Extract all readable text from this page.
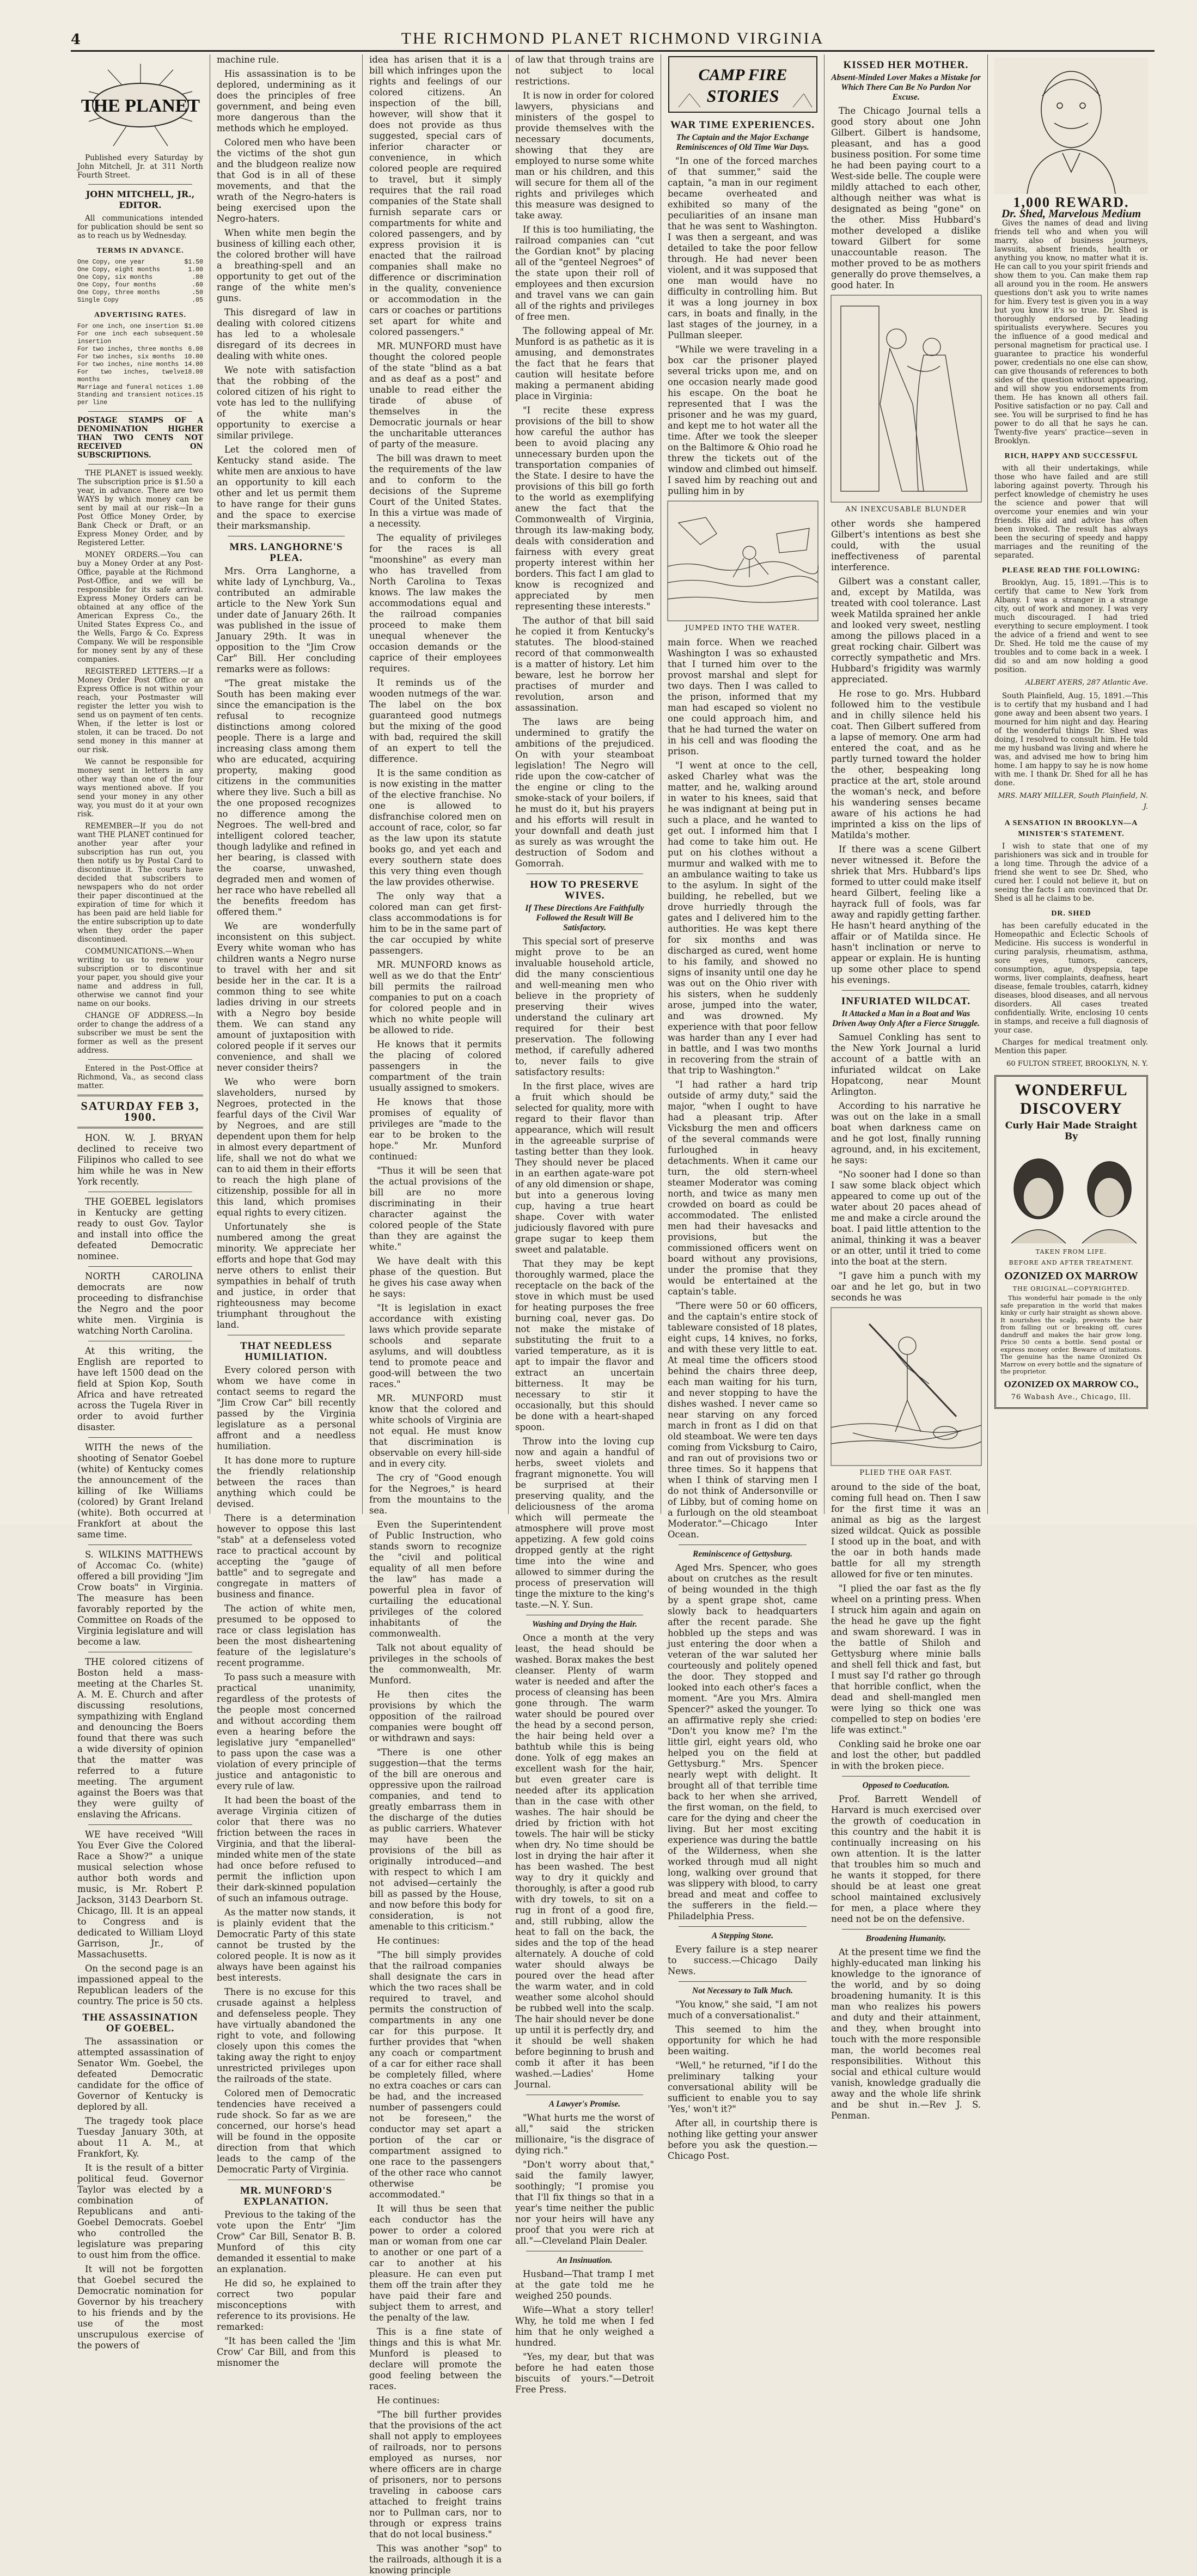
4	THE RICHMOND PLANET RICHMOND VIRGINIA
THE PLANET

Published every Saturday by John Mitchell, Jr. at 311 North Fourth Street.

JOHN MITCHELL, JR., EDITOR.

All communications intended for publication should be sent so as to reach us by Wednesday.

TERMS IN ADVANCE.
One Copy, one year	$1.50
One Copy, eight months	1.00
One Copy, six months	.80
One Copy, four months	.60
One Copy, three months	.50
Single Copy	.05
ADVERTISING RATES.
For one inch, one insertion $1.00
For one inch each subsequent insertion
.50
For two inches, three months 6.00
For two inches, six months 10.00
For two inches, nine months 14.00
For two inches, twelve months
18.00
Marriage and funeral notices 1.00
Standing and transient notices per line
.15

POSTAGE STAMPS OF A DENOMINATION HIGHER THAN TWO CENTS NOT RECEIVED ON SUBSCRIPTIONS.

THE PLANET is issued weekly. The subscription price is $1.50 a year, in advance. There are two WAYS by which money can be sent by mail at our risk—In a Post Office Money Order, by Bank Check or Draft, or an Express Money Order, and by Registered Letter.

MONEY ORDERS.—You can buy a Money Order at any Post-Office, payable at the Richmond Post-Office, and we will be responsible for its safe arrival. Express Money Orders can be obtained at any office of the American Express Co., the United States Express Co., and the Wells, Fargo & Co. Express Company. We will be responsible for money sent by any of these companies.

REGISTERED LETTERS.—If a Money Order Post Office or an Express Office is not within your reach, your Postmaster will register the letter you wish to send us on payment of ten cents. When, if the letter is lost or stolen, it can be traced. Do not send money in this manner at our risk.

We cannot be responsible for money sent in letters in any other way than one of the four ways mentioned above. If you send your money in any other way, you must do it at your own risk.

REMEMBER—If you do not want THE PLANET continued for another year after your subscription has run out, you then notify us by Postal Card to discontinue it. The courts have decided that subscribers to newspapers who do not order their paper discontinued at the expiration of time for which it has been paid are held liable for the entire subscription up to date when they order the paper discontinued.

COMMUNICATIONS.—When writing to us to renew your subscription or to discontinue your paper, you should give your name and address in full, otherwise we cannot find your name on our books.

CHANGE OF ADDRESS.—In order to change the address of a subscriber we must be sent the former as well as the present address.

Entered in the Post-Office at Richmond, Va., as second class matter.

SATURDAY FEB 3, 1900.

HON. W. J. BRYAN declined to receive two Filipinos who called to see him while he was in New York recently.

THE GOEBEL legislators in Kentucky are getting ready to oust Gov. Taylor and install into office the defeated Democratic nominee.

NORTH CAROLINA democrats are now proceeding to disfranchise the Negro and the poor white men. Virginia is watching North Carolina.

At this writing, the English are reported to have left 1500 dead on the field at Spion Kop, South Africa and have retreated across the Tugela River in order to avoid further disaster.

WITH the news of the shooting of Senator Goebel (white) of Kentucky comes the announcement of the killing of Ike Williams (colored) by Grant Ireland (white). Both occurred at Frankfort at about the same time.

S. WILKINS MATTHEWS of Accomac Co. (white) offered a bill providing "Jim Crow boats" in Virginia. The measure has been favorably reported by the Committee on Roads of the Virginia legislature and will become a law.

THE colored citizens of Boston held a mass-meeting at the Charles St. A. M. E. Church and after discussing resolutions, sympathizing with England and denouncing the Boers found that there was such a wide diversity of opinion that the matter was referred to a future meeting. The argument against the Boers was that they were guilty of enslaving the Africans.

WE have received "Will You Ever Give the Colored Race a Show?" a unique musical selection whose author both words and music, is Mr. Robert P. Jackson, 3143 Dearborn St. Chicago, Ill. It is an appeal to Congress and is dedicated to William Lloyd Garrison, Jr., of Massachusetts.

On the second page is an impassioned appeal to the Republican leaders of the country. The price is 50 cts.

THE ASSASSINATION OF GOEBEL.

The assassination or attempted assassination of Senator Wm. Goebel, the defeated Democratic candidate for the office of Governor of Kentucky is deplored by all.

The tragedy took place Tuesday January 30th, at about 11 A. M., at Frankfort, Ky.

It is the result of a bitter political feud. Governor Taylor was elected by a combination of Republicans and anti-Goebel Democrats. Goebel who controlled the legislature was preparing to oust him from the office.

It will not be forgotten that Goebel secured the Democratic nomination for Governor by his treachery to his friends and by the use of the most unscrupulous exercise of the powers of

machine rule.

His assassination is to be deplored, undermining as it does the principles of free government, and being even more dangerous than the methods which he employed.

Colored men who have been the victims of the shot gun and the bludgeon realize now that God is in all of these movements, and that the wrath of the Negro-haters is being exercised upon the Negro-haters.

When white men begin the business of killing each other, the colored brother will have a breathing-spell and an opportunity to get out of the range of the white men's guns.

This disregard of law in dealing with colored citizens has led to a wholesale disregard of its decrees in dealing with white ones.

We note with satisfaction that the robbing of the colored citizen of his right to vote has led to the nullifying of the white man's opportunity to exercise a similar privilege.

Let the colored men of Kentucky stand aside. The white men are anxious to have an opportunity to kill each other and let us permit them to have range for their guns and the space to exercise their marksmanship.

MRS. LANGHORNE'S PLEA.

Mrs. Orra Langhorne, a white lady of Lynchburg, Va., contributed an admirable article to the New York Sun under date of January 26th. It was published in the issue of January 29th. It was in opposition to the "Jim Crow Car" Bill. Her concluding remarks were as follows:

"The great mistake the South has been making ever since the emancipation is the refusal to recognize distinctions among colored people. There is a large and increasing class among them who are educated, acquiring property, making good citizens in the communities where they live. Such a bill as the one proposed recognizes no difference among the Negroes. The well-bred and intelligent colored teacher, though ladylike and refined in her bearing, is classed with the coarse, unwashed, degraded men and women of her race who have rebelled all the benefits freedom has offered them."

We are wonderfully inconsistent on this subject. Every white woman who has children wants a Negro nurse to travel with her and sit beside her in the car. It is a common thing to see white ladies driving in our streets with a Negro boy beside them. We can stand any amount of juxtaposition with colored people if it serves our convenience, and shall we never consider theirs?

We who were born slaveholders, nursed by Negroes, protected in the fearful days of the Civil War by Negroes, and are still dependent upon them for help in almost every department of life, shall we not do what we can to aid them in their efforts to reach the high plane of citizenship, possible for all in this land, which promises equal rights to every citizen.

Unfortunately she is numbered among the great minority. We appreciate her efforts and hope that God may nerve others to enlist their sympathies in behalf of truth and justice, in order that righteousness may become triumphant throughout the land.

THAT NEEDLESS HUMILIATION.

Every colored person with whom we have come in contact seems to regard the "Jim Crow Car" bill recently passed by the Virginia legislature as a personal affront and a needless humiliation.

It has done more to rupture the friendly relationship between the races than anything which could be devised.

There is a determination however to oppose this last "stab" at a defenseless voted race to practical account by accepting the "gauge of battle" and to segregate and congregate in matters of business and finance.

The action of white men, presumed to be opposed to race or class legislation has been the most disheartening feature of the legislature's recent programme.

To pass such a measure with practical unanimity, regardless of the protests of the people most concerned and without according them even a hearing before the legislative jury "empanelled" to pass upon the case was a violation of every principle of justice and antagonistic to every rule of law.

It had been the boast of the average Virginia citizen of color that there was no friction between the races in Virginia, and that the liberal-minded white men of the state had once before refused to permit the infliction upon their dark-skinned population of such an infamous outrage.

As the matter now stands, it is plainly evident that the Democratic Party of this state cannot be trusted by the colored people. It is now as it always have been against his best interests.

There is no excuse for this crusade against a helpless and defenseless people. They have virtually abandoned the right to vote, and following closely upon this comes the taking away the right to enjoy unrestricted privileges upon the railroads of the state.

Colored men of Democratic tendencies have received a rude shock. So far as we are concerned, our horse's head will be found in the opposite direction from that which leads to the camp of the Democratic Party of Virginia.

MR. MUNFORD'S EXPLANATION.

Previous to the taking of the vote upon the Entr' "Jim Crow" Car Bill, Senator B. B. Munford of this city demanded it essential to make an explanation.

He did so, he explained to correct two popular misconceptions with reference to its provisions. He remarked:

"It has been called the 'Jim Crow' Car Bill, and from this misnomer the

idea has arisen that it is a bill which infringes upon the rights and feelings of our colored citizens. An inspection of the bill, however, will show that it does not provide as thus suggested, special cars of inferior character or convenience, in which colored people are required to travel, but it simply requires that the rail road companies of the State shall furnish separate cars or compartments for white and colored passengers, and by express provision it is enacted that the railroad companies shall make no difference or discrimination in the quality, convenience or accommodation in the cars or coaches or partitions set apart for white and colored passengers."

MR. MUNFORD must have thought the colored people of the state "blind as a bat and as deaf as a post" and unable to read either the tirade of abuse of themselves in the Democratic journals or hear the uncharitable utterances of party of the measure.

The bill was drawn to meet the requirements of the law and to conform to the decisions of the Supreme Court of the United States. In this a virtue was made of a necessity.

The equality of privileges for the races is all "moonshine" as every man who has travelled from North Carolina to Texas knows. The law makes the accommodations equal and the railroad companies proceed to make them unequal whenever the occasion demands or the caprice of their employees requires.

It reminds us of the wooden nutmegs of the war. The label on the box guaranteed good nutmegs but the mixing of the good with bad, required the skill of an expert to tell the difference.

It is the same condition as is now existing in the matter of the elective franchise. No one is allowed to disfranchise colored men on account of race, color, so far as the law upon its statute books go, and yet each and every southern state does this very thing even though the law provides otherwise.

The only way that a colored man can get first-class accommodations is for him to be in the same part of the car occupied by white passengers.

MR. MUNFORD knows as well as we do that the Entr' bill permits the railroad companies to put on a coach for colored people and in which no white people will be allowed to ride.

He knows that it permits the placing of colored passengers in the compartment of the train usually assigned to smokers.

He knows that those promises of equality of privileges are "made to the ear to be broken to the hope." Mr. Munford continued:

"Thus it will be seen that the actual provisions of the bill are no more discriminating in their character against the colored people of the State than they are against the white."

We have dealt with this phase of the question. But he gives his case away when he says:

"It is legislation in exact accordance with existing laws which provide separate schools and separate asylums, and will doubtless tend to promote peace and good-will between the two races."

MR. MUNFORD must know that the colored and white schools of Virginia are not equal. He must know that discrimination is observable on every hill-side and in every city.

The cry of "Good enough for the Negroes," is heard from the mountains to the sea.

Even the Superintendent of Public Instruction, who stands sworn to recognize the "civil and political equality of all men before the law" has made a powerful plea in favor of curtailing the educational privileges of the colored inhabitants of the commonwealth.

Talk not about equality of privileges in the schools of the commonwealth, Mr. Munford.

He then cites the provisions by which the opposition of the railroad companies were bought off or withdrawn and says:

"There is one other suggestion—that the terms of the bill are onerous and oppressive upon the railroad companies, and tend to greatly embarrass them in the discharge of the duties as public carriers. Whatever may have been the provisions of the bill as originally introduced—and with respect to which I am not advised—certainly the bill as passed by the House, and now before this body for consideration, is not amenable to this criticism."

He continues:

"The bill simply provides that the railroad companies shall designate the cars in which the two races shall be required to travel, and permits the construction of compartments in any one car for this purpose. It further provides that "when any coach or compartment of a car for either race shall be completely filled, where no extra coaches or cars can be had, and the increased number of passengers could not be foreseen," the conductor may set apart a portion of the car or compartment assigned to one race to the passengers of the other race who cannot otherwise be accommodated."

It will thus be seen that each conductor has the power to order a colored man or woman from one car to another or one part of a car to another at his pleasure. He can even put them off the train after they have paid their fare and subject them to arrest, and the penalty of the law.

This is a fine state of things and this is what Mr. Munford is pleased to declare will promote the good feeling between the races.

He continues:

"The bill further provides that the provisions of the act shall not apply to employees of railroads, nor to persons employed as nurses, nor where officers are in charge of prisoners, nor to persons traveling in caboose cars attached to freight trains nor to Pullman cars, nor to through or express trains that do not local business."

This was another "sop" to the railroads, although it is a knowing principle

of law that through trains are not subject to local restrictions.

It is now in order for colored lawyers, physicians and ministers of the gospel to provide themselves with the necessary documents, showing that they are employed to nurse some white man or his children, and this will secure for them all of the rights and privileges which this measure was designed to take away.

If this is too humiliating, the railroad companies can "cut the Gordian knot" by placing all of the "genteel Negroes" of the state upon their roll of employees and then excursion and travel vans we can gain all of the rights and privileges of free men.

The following appeal of Mr. Munford is as pathetic as it is amusing, and demonstrates the fact that he fears that caution will hesitate before making a permanent abiding place in Virginia:

"I recite these express provisions of the bill to show how careful the author has been to avoid placing any unnecessary burden upon the transportation companies of the State. I desire to have the provisions of this bill go forth to the world as exemplifying anew the fact that the Commonwealth of Virginia, through its law-making body, deals with consideration and fairness with every great property interest within her borders. This fact I am glad to know is recognized and appreciated by men representing these interests."

The author of that bill said he copied it from Kentucky's statutes. The blood-stained record of that commonwealth is a matter of history. Let him beware, lest he borrow her practises of murder and revolution, arson and assassination.

The laws are being undermined to gratify the ambitions of the prejudiced. On with your steamboat legislation! The Negro will ride upon the cow-catcher of the engine or cling to the smoke-stack of your boilers, if he must do it, but his prayers and his efforts will result in your downfall and death just as surely as was wrought the destruction of Sodom and Gomorrah.

HOW TO PRESERVE WIVES.
If These Directions Are Faithfully Followed the Result Will Be Satisfactory.

This special sort of preserve might prove to be an invaluable household article, did the many conscientious and well-meaning men who believe in the propriety of preserving their wives understand the culinary art required for their best preservation. The following method, if carefully adhered to, never fails to give satisfactory results:

In the first place, wives are a fruit which should be selected for quality, more with regard to their flavor than appearance, which will result in the agreeable surprise of tasting better than they look. They should never be placed in an earthen agate-ware pot of any old dimension or shape, but into a generous loving cup, having a true heart shape. Cover with water judiciously flavored with pure grape sugar to keep them sweet and palatable.

That they may be kept thoroughly warmed, place the receptacle on the back of the stove in which must be used for heating purposes the free burning coal, never gas. Do not make the mistake of substituting the fruit to a varied temperature, as it is apt to impair the flavor and extract an uncertain bitterness. It may be necessary to stir it occasionally, but this should be done with a heart-shaped spoon.

Throw into the loving cup now and again a handful of herbs, sweet violets and fragrant mignonette. You will be surprised at their preserving quality, and the deliciousness of the aroma which will permeate the atmosphere will prove most appetizing. A few gold coins dropped gently at the right time into the wine and allowed to simmer during the process of preservation will tinge the mixture to the king's taste.—N. Y. Sun.

Washing and Drying the Hair.

Once a month at the very least, the head should be washed. Borax makes the best cleanser. Plenty of warm water is needed and after the process of cleansing has been gone through. The warm water should be poured over the head by a second person, the hair being held over a bathtub while this is being done. Yolk of egg makes an excellent wash for the hair, but even greater care is needed after its application than in the case with other washes. The hair should be dried by friction with hot towels. The hair will be sticky when dry. No time should be lost in drying the hair after it has been washed. The best way to dry it quickly and thoroughly, is after a good rub with dry towels, to sit on a rug in front of a good fire, and, still rubbing, allow the heat to fall on the back, the sides and the top of the head alternately. A douche of cold water should always be poured over the head after the warm water, and in cold weather some alcohol should be rubbed well into the scalp. The hair should never be done up until it is perfectly dry, and it should be well shaken before beginning to brush and comb it after it has been washed.—Ladies' Home Journal.

A Lawyer's Promise.

"What hurts me the worst of all," said the stricken millionaire, "is the disgrace of dying rich."

"Don't worry about that," said the family lawyer, soothingly; "I promise you that I'll fix things so that in a year's time neither the public nor your heirs will have any proof that you were rich at all."—Cleveland Plain Dealer.

An Insinuation.

Husband—That tramp I met at the gate told me he weighed 250 pounds.

Wife—What a story teller! Why, he told me when I fed him that he only weighed a hundred.

"Yes, my dear, but that was before he had eaten those biscuits of yours."—Detroit Free Press.

CAMP FIRE
STORIES
WAR TIME EXPERIENCES.
The Captain and the Major Exchange Reminiscences of Old Time War Days.

"In one of the forced marches of that summer," said the captain, "a man in our regiment became overheated and exhibited so many of the peculiarities of an insane man that he was sent to Washington. I was then a sergeant, and was detailed to take the poor fellow through. He had never been violent, and it was supposed that one man would have no difficulty in controlling him. But it was a long journey in box cars, in boats and finally, in the last stages of the journey, in a Pullman sleeper.

"While we were traveling in a box car the prisoner played several tricks upon me, and on one occasion nearly made good his escape. On the boat he represented that I was the prisoner and he was my guard, and kept me to hot water all the time. After we took the sleeper on the Baltimore & Ohio road he threw the tickets out of the window and climbed out himself. I saved him by reaching out and pulling him in by

JUMPED INTO THE WATER.

main force. When we reached Washington I was so exhausted that I turned him over to the provost marshal and slept for two days. Then I was called to the prison, informed that my man had escaped so violent no one could approach him, and that he had turned the water on in his cell and was flooding the prison.

"I went at once to the cell, asked Charley what was the matter, and he, walking around in water to his knees, said that he was indignant at being put in such a place, and he wanted to get out. I informed him that I had come to take him out. He put on his clothes without a murmur and walked with me to an ambulance waiting to take us to the asylum. In sight of the building, he rebelled, but we drove hurriedly through the gates and I delivered him to the authorities. He was kept there for six months and was discharged as cured, went home to his family, and showed no signs of insanity until one day he was out on the Ohio river with his sisters, when he suddenly arose, jumped into the water, and was drowned. My experience with that poor fellow was harder than any I ever had in battle, and I was two months in recovering from the strain of that trip to Washington."

"I had rather a hard trip outside of army duty," said the major, "when I ought to have had a pleasant trip. After Vicksburg the men and officers of the several commands were furloughed in heavy detachments. When it came our turn, the old stern-wheel steamer Moderator was coming north, and twice as many men crowded on board as could be accommodated. The enlisted men had their havesacks and provisions, but the commissioned officers went on board without any provisions, under the promise that they would be entertained at the captain's table.

"There were 50 or 60 officers, and the captain's entire stock of tableware consisted of 18 plates, eight cups, 14 knives, no forks, and with these very little to eat. At meal time the officers stood behind the chairs three deep, each man waiting for his turn, and never stopping to have the dishes washed. I never came so near starving on any forced march in front as I did on that old steamboat. We were ten days coming from Vicksburg to Cairo, and ran out of provisions two or three times. So it happens that when I think of starving men I do not think of Andersonville or of Libby, but of coming home on a furlough on the old steamboat Moderator."—Chicago Inter Ocean.

Reminiscence of Gettysburg.

Aged Mrs. Spencer, who goes about on crutches as the result of being wounded in the thigh by a spent grape shot, came slowly back to headquarters after the recent parade. She hobbled up the steps and was just entering the door when a veteran of the war saluted her courteously and politely opened the door. They stopped and looked into each other's faces a moment. "Are you Mrs. Almira Spencer?" asked the younger. To an affirmative reply she cried: "Don't you know me? I'm the little girl, eight years old, who helped you on the field at Gettysburg." Mrs. Spencer nearly wept with delight. It brought all of that terrible time back to her when she arrived, the first woman, on the field, to care for the dying and cheer the living. But her most exciting experience was during the battle of the Wilderness, when she worked through mud all night long, walking over ground that was slippery with blood, to carry bread and meat and coffee to the sufferers in the field.—Philadelphia Press.

A Stepping Stone.

Every failure is a step nearer to success.—Chicago Daily News.

Not Necessary to Talk Much.

"You know," she said, "I am not much of a conversationalist."

This seemed to him the opportunity for which he had been waiting.

"Well," he returned, "if I do the preliminary talking your conversational ability will be sufficient to enable you to say 'Yes,' won't it?"

After all, in courtship there is nothing like getting your answer before you ask the question.—Chicago Post.

KISSED HER MOTHER.
Absent-Minded Lover Makes a Mistake for Which There Can Be No Pardon Nor Excuse.

The Chicago Journal tells a good story about one John Gilbert. Gilbert is handsome, pleasant, and has a good business position. For some time he had been paying court to a West-side belle. The couple were mildly attached to each other, although neither was what is designated as being "gone" on the other. Miss Hubbard's mother developed a dislike toward Gilbert for some unaccountable reason. The mother proved to be as mothers generally do prove themselves, a good hater. In

AN INEXCUSABLE BLUNDER

other words she hampered Gilbert's intentions as best she could, with the usual ineffectiveness of parental interference.

Gilbert was a constant caller, and, except by Matilda, was treated with cool tolerance. Last week Matilda sprained her ankle and looked very sweet, nestling among the pillows placed in a great rocking chair. Gilbert was correctly sympathetic and Mrs. Hubbard's frigidity was warmly appreciated.

He rose to go. Mrs. Hubbard followed him to the vestibule and in chilly silence held his coat. Then Gilbert suffered from a lapse of memory. One arm had entered the coat, and as he partly turned toward the holder the other, bespeaking long practice at the art, stole around the woman's neck, and before his wandering senses became aware of his actions he had imprinted a kiss on the lips of Matilda's mother.

If there was a scene Gilbert never witnessed it. Before the shriek that Mrs. Hubbard's lips formed to utter could make itself heard Gilbert, feeling like a hayrack full of fools, was far away and rapidly getting farther. He hasn't heard anything of the affair or of Matilda since. He hasn't inclination or nerve to appear or explain. He is hunting up some other place to spend his evenings.

INFURIATED WILDCAT.
It Attacked a Man in a Boat and Was Driven Away Only After a Fierce Struggle.

Samuel Conkling has sent to the New York Journal a lurid account of a battle with an infuriated wildcat on Lake Hopatcong, near Mount Arlington.

According to his narrative he was out on the lake in a small boat when darkness came on and he got lost, finally running aground, and, in his excitement, he says:

"No sooner had I done so than I saw some black object which appeared to come up out of the water about 20 paces ahead of me and make a circle around the boat. I paid little attention to the animal, thinking it was a beaver or an otter, until it tried to come into the boat at the stern.

"I gave him a punch with my oar and he let go, but in two seconds he was

PLIED THE OAR FAST.

around to the side of the boat, coming full head on. Then I saw for the first time it was an animal as big as the largest sized wildcat. Quick as possible I stood up in the boat, and with the oar in both hands made battle for all my strength allowed for five or ten minutes.

"I plied the oar fast as the fly wheel on a printing press. When I struck him again and again on the head he gave up the fight and swam shoreward. I was in the battle of Shiloh and Gettysburg where minie balls and shell fell thick and fast, but I must say I'd rather go through that horrible conflict, when the dead and shell-mangled men were lying so thick one was compelled to step on bodies 'ere life was extinct."

Conkling said he broke one oar and lost the other, but paddled in with the broken piece.

Opposed to Coeducation.

Prof. Barrett Wendell of Harvard is much exercised over the growth of coeducation in this country and the habit it is continually increasing on his own attention. It is the latter that troubles him so much and he wants it stopped, for there should be at least one great school maintained exclusively for men, a place where they need not be on the defensive.

Broadening Humanity.

At the present time we find the highly-educated man linking his knowledge to the ignorance of the world, and by so doing broadening humanity. It is this man who realizes his powers and duty and their attainment, and they, when brought into touch with the more responsible man, the world becomes real responsibilities. Without this social and ethical culture would vanish, knowledge gradually die away and the whole life shrink and be shut in.—Rev J. S. Penman.

1,000 REWARD.
Dr. Shed, Marvelous Medium

Gives the names of dead and living friends tell who and when you will marry, also of business journeys, lawsuits, absent friends, health or anything you know, no matter what it is. He can call to you your spirit friends and show them to you. Can make them rap all around you in the room. He answers questions don't ask you to write names for him. Every test is given you in a way but you know it's so true. Dr. Shed is thoroughly endorsed by leading spiritualists everywhere. Secures you the influence of a good medical and personal magnetism for practical use. I guarantee to practice his wonderful power, credentials no one else can show, can give thousands of references to both sides of the question without appearing, and will show you endorsements from them. He has known all others fail. Positive satisfaction or no pay. Call and see. You will be surprised to find he has power to do all that he says he can. Twenty-five years' practice—seven in Brooklyn.

RICH, HAPPY AND SUCCESSFUL

with all their undertakings, while those who have failed and are still laboring against poverty. Through his perfect knowledge of chemistry he uses the science and power that will overcome your enemies and win your friends. His aid and advice has often been invoked. The result has always been the securing of speedy and happy marriages and the reuniting of the separated.

PLEASE READ THE FOLLOWING:

Brooklyn, Aug. 15, 1891.—This is to certify that came to New York from Albany. I was a stranger in a strange city, out of work and money. I was very much discouraged. I had tried everything to secure employment. I took the advice of a friend and went to see Dr. Shed. He told me the cause of my troubles and to come back in a week. I did so and am now holding a good position.

ALBERT AYERS, 287 Atlantic Ave.

South Plainfield, Aug. 15, 1891.—This is to certify that my husband and I had gone away and been absent two years. I mourned for him night and day. Hearing of the wonderful things Dr. Shed was doing, I resolved to consult him. He told me my husband was living and where he was, and advised me how to bring him home. I am happy to say he is now home with me. I thank Dr. Shed for all he has done.

MRS. MARY MILLER, South Plainfield, N. J.
A SENSATION IN BROOKLYN—A MINISTER'S STATEMENT.

I wish to state that one of my parishioners was sick and in trouble for a long time. Through the advice of a friend she went to see Dr. Shed, who cured her. I could not believe it, but on seeing the facts I am convinced that Dr. Shed is all he claims to be.

DR. SHED

has been carefully educated in the Homeopathic and Eclectic Schools of Medicine. His success is wonderful in curing paralysis, rheumatism, asthma, sore eyes, tumors, cancers, consumption, ague, dyspepsia, tape worms, liver complaints, deafness, heart disease, female troubles, catarrh, kidney diseases, blood diseases, and all nervous disorders. All cases treated confidentially. Write, enclosing 10 cents in stamps, and receive a full diagnosis of your case.

Charges for medical treatment only. Mention this paper.

60 FULTON STREET, BROOKLYN, N. Y.
WONDERFUL DISCOVERY
Curly Hair Made Straight By
TAKEN FROM LIFE.
BEFORE AND AFTER TREATMENT.
OZONIZED OX MARROW
THE ORIGINAL—COPYRIGHTED.

This wonderful hair pomade is the only safe preparation in the world that makes kinky or curly hair straight as shown above. It nourishes the scalp, prevents the hair from falling out or breaking off, cures dandruff and makes the hair grow long. Price 50 cents a bottle. Send postal or express money order. Beware of imitations. The genuine has the name Ozonized Ox Marrow on every bottle and the signature of the proprietor.

OZONIZED OX MARROW CO.,
76 Wabash Ave., Chicago, Ill.
